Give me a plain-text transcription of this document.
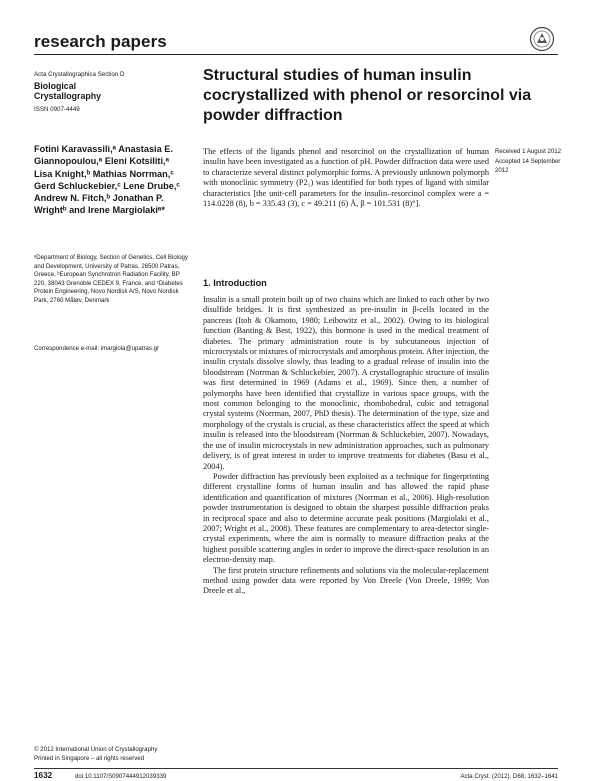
research papers
Acta Crystallographica Section D
Biological
Crystallography
ISSN 0907-4449
Structural studies of human insulin cocrystallized with phenol or resorcinol via powder diffraction
Fotini Karavassili,ᵃ Anastasia E. Giannopoulou,ᵃ Eleni Kotsiliti,ᵃ Lisa Knight,ᵇ Mathias Norrman,ᶜ Gerd Schluckebier,ᶜ Lene Drube,ᶜ Andrew N. Fitch,ᵇ Jonathan P. Wrightᵇ and Irene Margiolakiᵃ*
ᵃDepartment of Biology, Section of Genetics, Cell Biology and Development, University of Patras, 26500 Patras, Greece, ᵇEuropean Synchrotron Radiation Facility, BP 220, 38043 Grenoble CEDEX 9, France, and ᶜDiabetes Protein Engineering, Novo Nordisk A/S, Novo Nordisk Park, 2760 Måløv, Denmark
Correspondence e-mail: imargiola@upatras.gr
The effects of the ligands phenol and resorcinol on the crystallization of human insulin have been investigated as a function of pH. Powder diffraction data were used to characterize several distinct polymorphic forms. A previously unknown polymorph with monoclinic symmetry (P2₁) was identified for both types of ligand with similar characteristics [the unit-cell parameters for the insulin–resorcinol complex were a = 114.0228 (8), b = 335.43 (3), c = 49.211 (6) Å, β = 101.531 (8)°].
Received 1 August 2012
Accepted 14 September 2012
1. Introduction

Insulin is a small protein built up of two chains which are linked to each other by two disulfide bridges. It is first synthesized as pre-insulin in β-cells located in the pancreas (Itoh & Okamoto, 1980; Leibowitz et al., 2002). Owing to its biological function (Banting & Best, 1922), this hormone is used in the medical treatment of diabetes. The primary administration route is by subcutaneous injection of microcrystals or mixtures of microcrystals and amorphous protein. After injection, the insulin crystals dissolve slowly, thus leading to a gradual release of insulin into the bloodstream (Norrman & Schluckebier, 2007). A crystallographic structure of insulin was first determined in 1969 (Adams et al., 1969). Since then, a number of polymorphs have been identified that crystallize in various space groups, with the most common belonging to the monoclinic, rhombohedral, cubic and tetragonal crystal systems (Norrman, 2007, PhD thesis). The determination of the type, size and morphology of the crystals is crucial, as these characteristics affect the speed at which insulin is released into the bloodstream (Norrman & Schluckebier, 2007). Nowadays, the use of insulin microcrystals in new administration approaches, such as pulmonary delivery, is of great interest in order to improve treatments for diabetes (Basu et al., 2004).

Powder diffraction has previously been exploited as a technique for fingerprinting different crystalline forms of human insulin and has allowed the rapid phase identification and quantification of mixtures (Norrman et al., 2006). High-resolution powder instrumentation is designed to obtain the sharpest possible diffraction peaks in reciprocal space and also to determine accurate peak positions (Margiolaki et al., 2007; Wright et al., 2008). These features are complementary to area-detector single-crystal experiments, where the aim is normally to measure diffraction peaks at the highest possible scattering angles in order to improve the direct-space resolution in an electron-density map.

The first protein structure refinements and solutions via the molecular-replacement method using powder data were reported by Von Dreele (Von Dreele, 1999; Von Dreele et al.,

© 2012 International Union of Crystallography
Printed in Singapore – all rights reserved
1632	doi:10.1107/S0907444912039339	Acta Cryst. (2012). D68, 1632–1641
